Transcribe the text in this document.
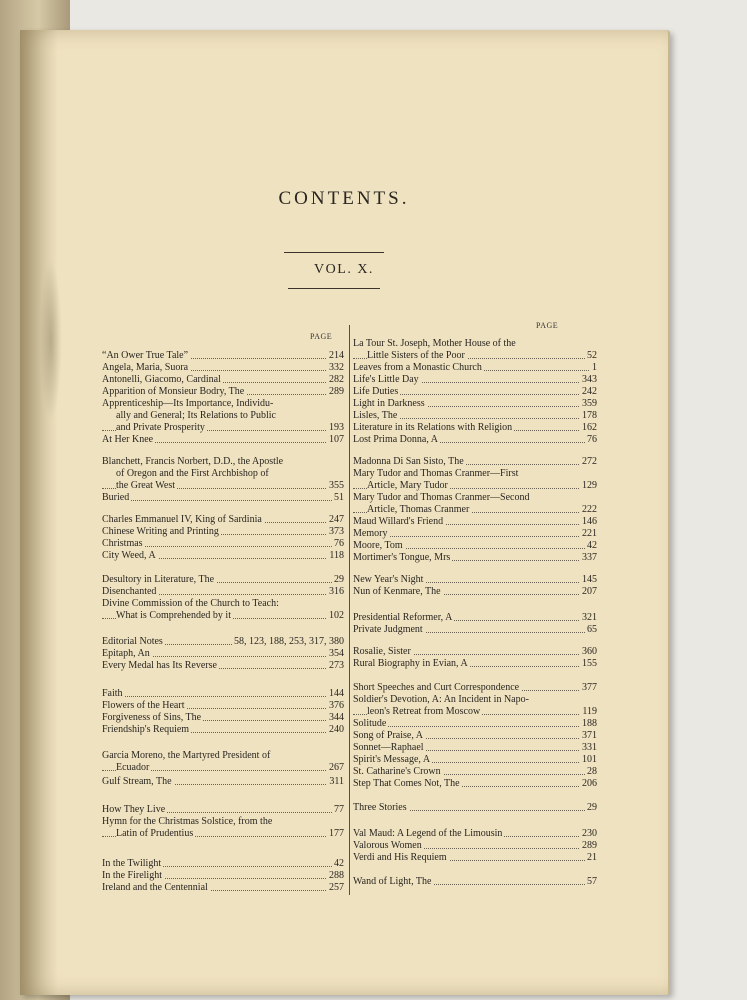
CONTENTS.
VOL. X.
PAGE
PAGE
“An Ower True Tale”	214
Angela, Maria, Suora	332
Antonelli, Giacomo, Cardinal	282
Apparition of Monsieur Bodry, The	289
Apprenticeship—Its Importance, Individu-
ally and General; Its Relations to Public
and Private Prosperity	193
At Her Knee	107
Blanchett, Francis Norbert, D.D., the Apostle
of Oregon and the First Archbishop of
the Great West	355
Buried	51
Charles Emmanuel IV, King of Sardinia	247
Chinese Writing and Printing	373
Christmas	76
City Weed, A	118
Desultory in Literature, The	29
Disenchanted	316
Divine Commission of the Church to Teach:
What is Comprehended by it	102
Editorial Notes	58, 123, 188, 253, 317, 380
Epitaph, An	354
Every Medal has Its Reverse	273
Faith	144
Flowers of the Heart	376
Forgiveness of Sins, The	344
Friendship's Requiem	240
Garcia Moreno, the Martyred President of
Ecuador	267
Gulf Stream, The	311
How They Live	77
Hymn for the Christmas Solstice, from the
Latin of Prudentius	177
In the Twilight	42
In the Firelight	288
Ireland and the Centennial	257
La Tour St. Joseph, Mother House of the
Little Sisters of the Poor	52
Leaves from a Monastic Church	1
Life's Little Day	343
Life Duties	242
Light in Darkness	359
Lisles, The	178
Literature in its Relations with Religion	162
Lost Prima Donna, A	76
Madonna Di San Sisto, The	272
Mary Tudor and Thomas Cranmer—First
Article, Mary Tudor	129
Mary Tudor and Thomas Cranmer—Second
Article, Thomas Cranmer	222
Maud Willard's Friend	146
Memory	221
Moore, Tom	42
Mortimer's Tongue, Mrs	337
New Year's Night	145
Nun of Kenmare, The	207
Presidential Reformer, A	321
Private Judgment	65
Rosalie, Sister	360
Rural Biography in Evian, A	155
Short Speeches and Curt Correspondence	377
Soldier's Devotion, A: An Incident in Napo-
leon's Retreat from Moscow	119
Solitude	188
Song of Praise, A	371
Sonnet—Raphael	331
Spirit's Message, A	101
St. Catharine's Crown	28
Step That Comes Not, The	206
Three Stories	29
Val Maud: A Legend of the Limousin	230
Valorous Women	289
Verdi and His Requiem	21
Wand of Light, The	57
